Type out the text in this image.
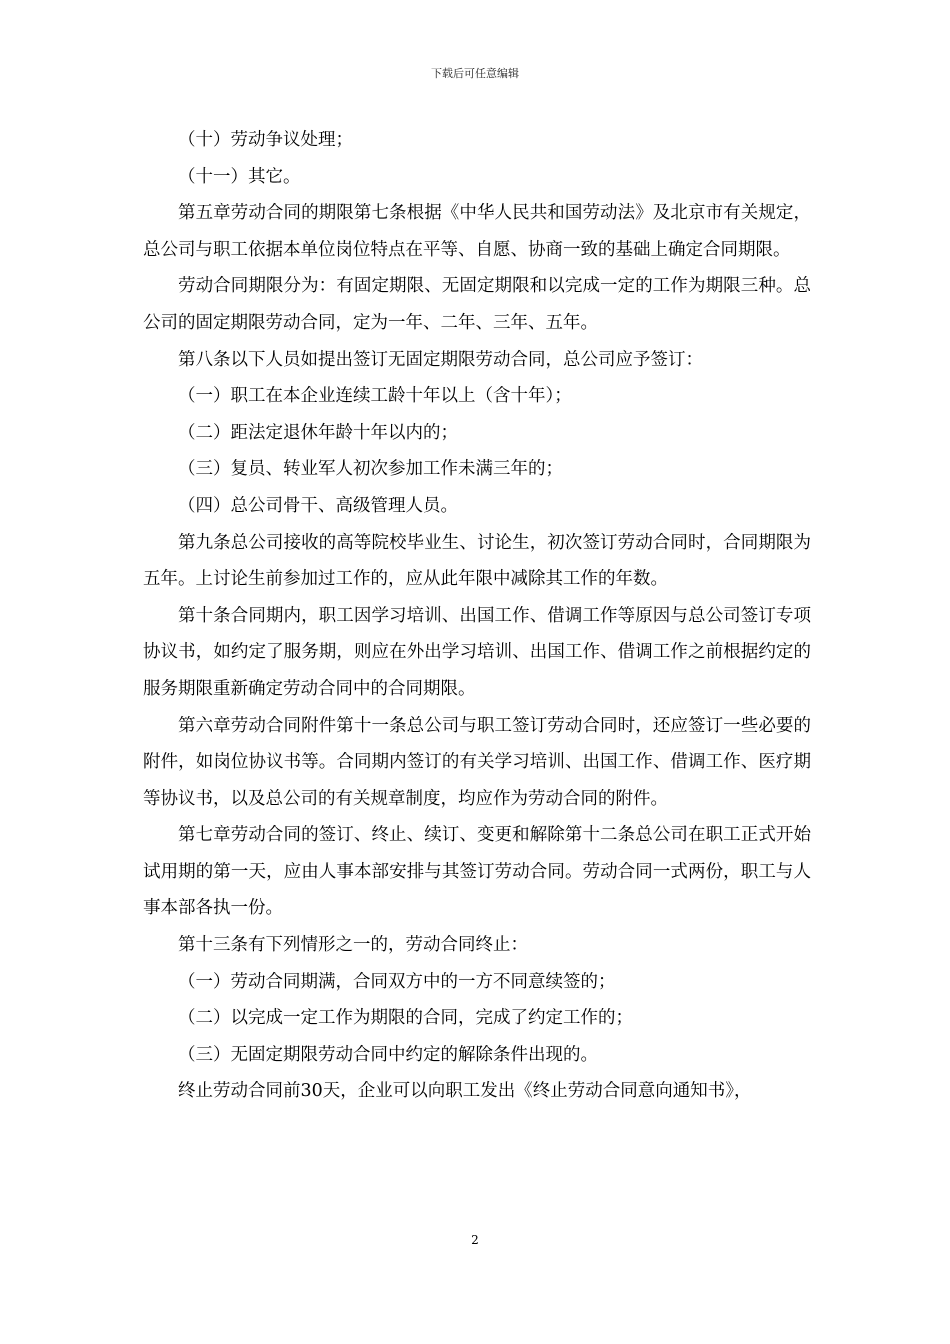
下载后可任意编辑

（十）劳动争议处理；

（十一）其它。

第五章劳动合同的期限第七条根据《中华人民共和国劳动法》及北京市有关规定，总公司与职工依据本单位岗位特点在平等、自愿、协商一致的基础上确定合同期限。

劳动合同期限分为：有固定期限、无固定期限和以完成一定的工作为期限三种。总公司的固定期限劳动合同，定为一年、二年、三年、五年。

第八条以下人员如提出签订无固定期限劳动合同，总公司应予签订：

（一）职工在本企业连续工龄十年以上（含十年）；

（二）距法定退休年龄十年以内的；

（三）复员、转业军人初次参加工作未满三年的；

（四）总公司骨干、高级管理人员。

第九条总公司接收的高等院校毕业生、讨论生，初次签订劳动合同时，合同期限为五年。上讨论生前参加过工作的，应从此年限中减除其工作的年数。

第十条合同期内，职工因学习培训、出国工作、借调工作等原因与总公司签订专项协议书，如约定了服务期，则应在外出学习培训、出国工作、借调工作之前根据约定的服务期限重新确定劳动合同中的合同期限。

第六章劳动合同附件第十一条总公司与职工签订劳动合同时，还应签订一些必要的附件，如岗位协议书等。合同期内签订的有关学习培训、出国工作、借调工作、医疗期等协议书，以及总公司的有关规章制度，均应作为劳动合同的附件。

第七章劳动合同的签订、终止、续订、变更和解除第十二条总公司在职工正式开始试用期的第一天，应由人事本部安排与其签订劳动合同。劳动合同一式两份，职工与人事本部各执一份。

第十三条有下列情形之一的，劳动合同终止：

（一）劳动合同期满，合同双方中的一方不同意续签的；

（二）以完成一定工作为期限的合同，完成了约定工作的；

（三）无固定期限劳动合同中约定的解除条件出现的。

终止劳动合同前30天，企业可以向职工发出《终止劳动合同意向通知书》，

2
